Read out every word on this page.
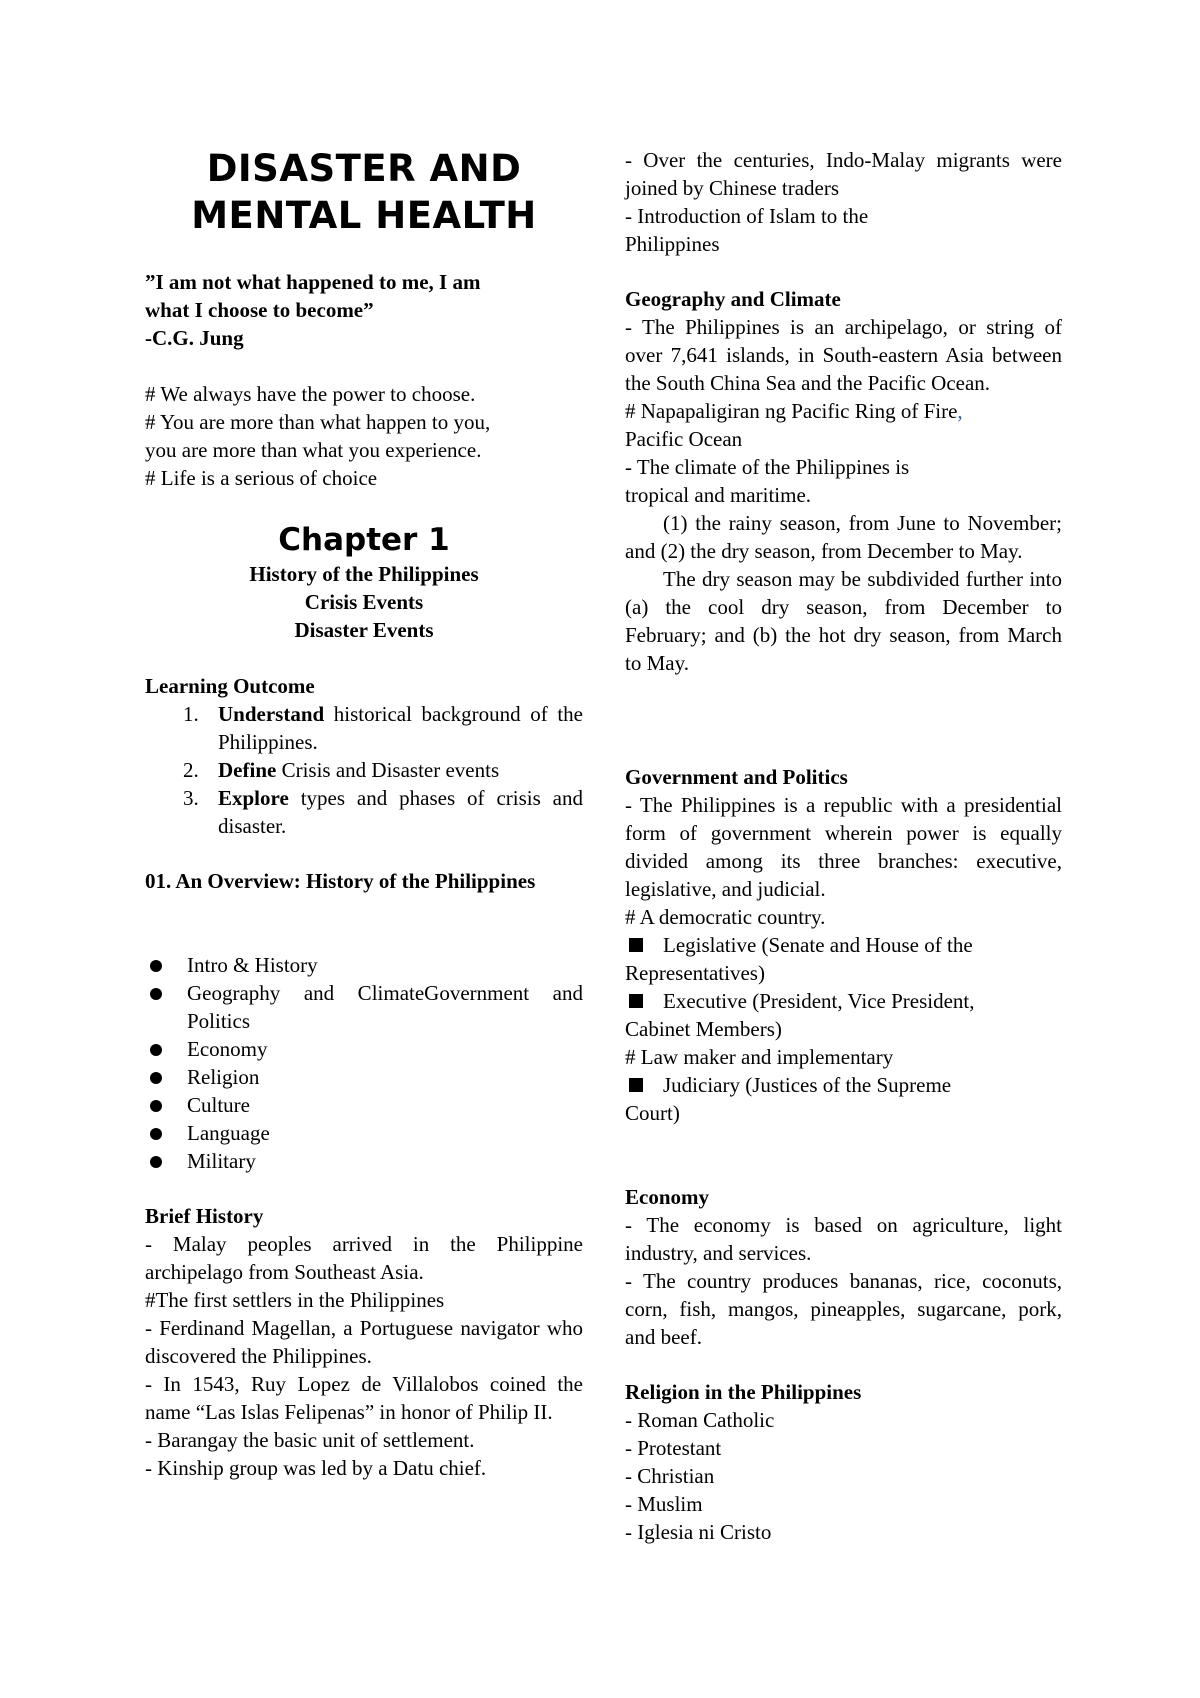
DISASTER AND
MENTAL HEALTH
”I am not what happened to me, I am
what I choose to become”
-C.G. Jung
# We always have the power to choose.
# You are more than what happen to you,
you are more than what you experience.
# Life is a serious of choice
Chapter 1
History of the Philippines
Crisis Events
Disaster Events
Learning Outcome
1. Understand historical background of the Philippines.
2. Define Crisis and Disaster events
3. Explore types and phases of crisis and disaster.
01. An Overview: History of the Philippines
Intro & History
Geography and ClimateGovernment and Politics
Economy
Religion
Culture
Language
Military
Brief History
- Malay peoples arrived in the Philippine archipelago from Southeast Asia.
#The first settlers in the Philippines
- Ferdinand Magellan, a Portuguese navigator who discovered the Philippines.
- In 1543, Ruy Lopez de Villalobos coined the name “Las Islas Felipenas” in honor of Philip II.
- Barangay the basic unit of settlement.
- Kinship group was led by a Datu chief.
- Over the centuries, Indo-Malay migrants were joined by Chinese traders
- Introduction of Islam to the
Philippines
Geography and Climate
- The Philippines is an archipelago, or string of over 7,641 islands, in South-eastern Asia between the South China Sea and the Pacific Ocean.
# Napapaligiran ng Pacific Ring of Fire,
Pacific Ocean
- The climate of the Philippines is
tropical and maritime.
(1) the rainy season, from June to November; and (2) the dry season, from December to May.
The dry season may be subdivided further into (a) the cool dry season, from December to February; and (b) the hot dry season, from March to May.
Government and Politics
- The Philippines is a republic with a presidential form of government wherein power is equally divided among its three branches: executive, legislative, and judicial.
# A democratic country.
Legislative (Senate and House of the
Representatives)
Executive (President, Vice President,
Cabinet Members)
# Law maker and implementary
Judiciary (Justices of the Supreme
Court)
Economy
- The economy is based on agriculture, light industry, and services.
- The country produces bananas, rice, coconuts, corn, fish, mangos, pineapples, sugarcane, pork, and beef.
Religion in the Philippines
- Roman Catholic
- Protestant
- Christian
- Muslim
- Iglesia ni Cristo
